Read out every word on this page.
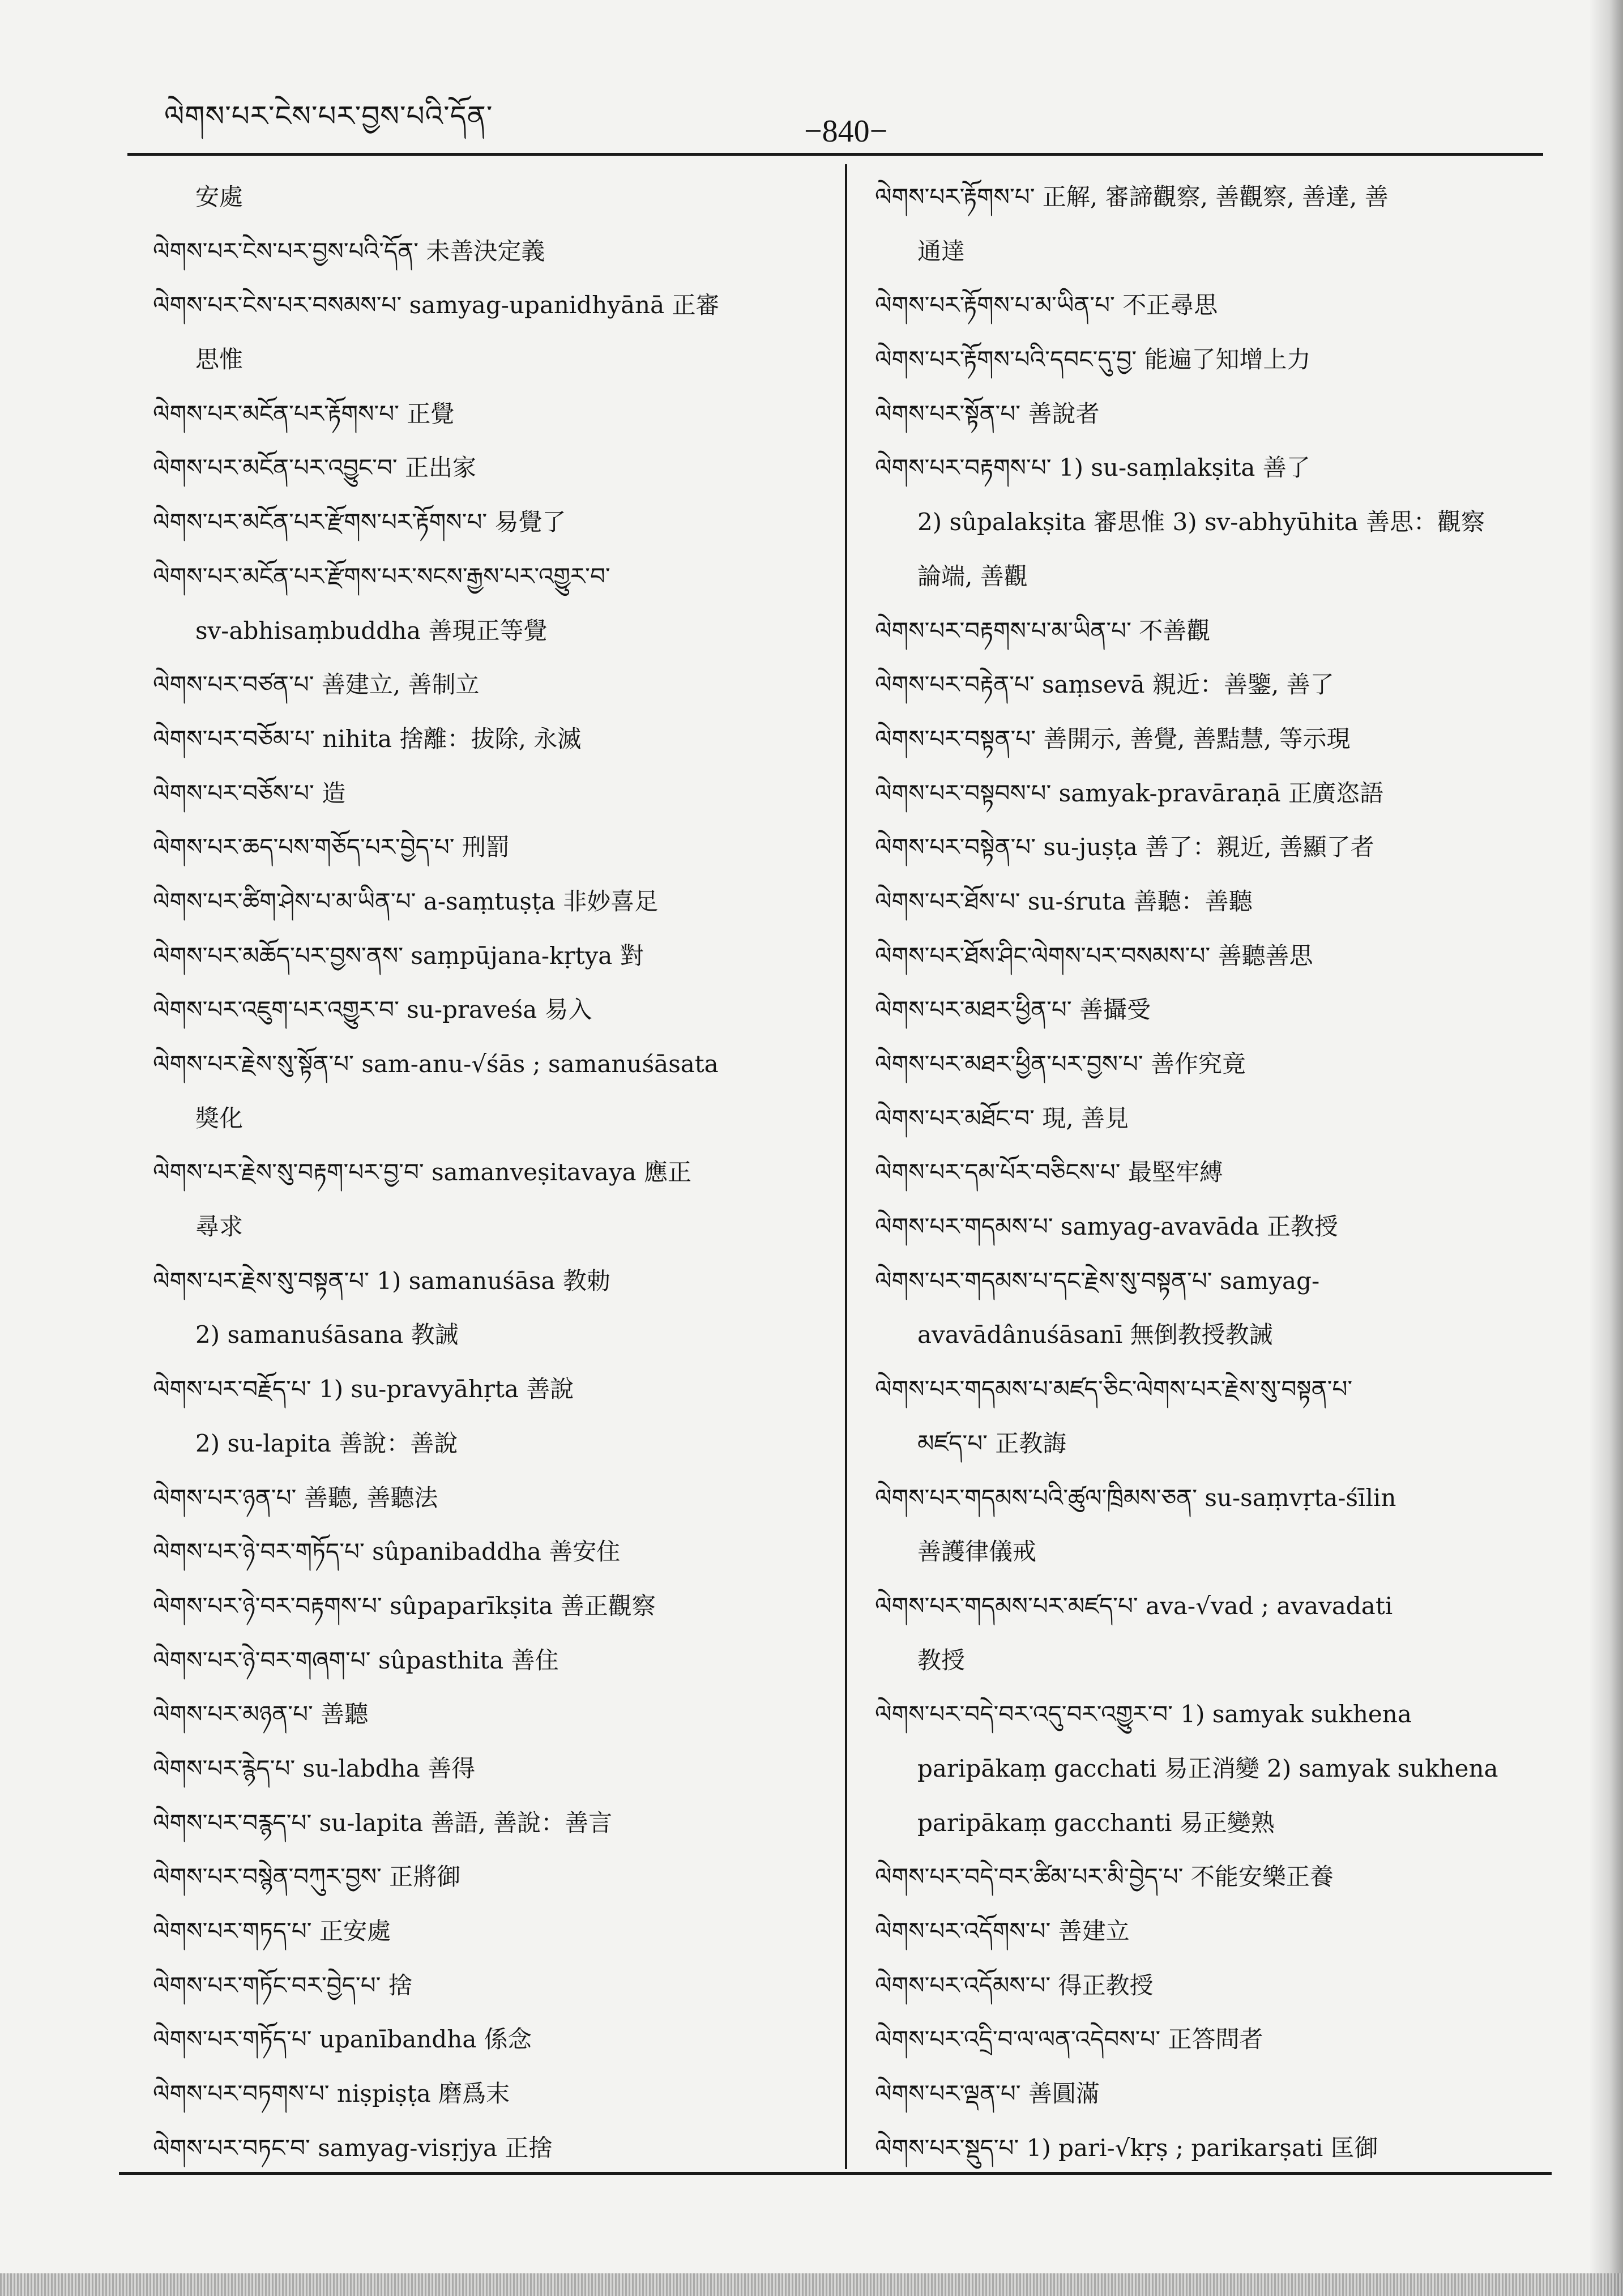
ལེགས་པར་ངེས་པར་བྱས་པའི་དོན་	−840−
安處
ལེགས་པར་ངེས་པར་བྱས་པའི་དོན་ 未善決定義
ལེགས་པར་ངེས་པར་བསམས་པ་ samyag-upanidhyānā 正審
思惟
ལེགས་པར་མངོན་པར་རྟོགས་པ་ 正覺
ལེགས་པར་མངོན་པར་འབྱུང་བ་ 正出家
ལེགས་པར་མངོན་པར་རྫོགས་པར་རྟོགས་པ་ 易覺了
ལེགས་པར་མངོན་པར་རྫོགས་པར་སངས་རྒྱས་པར་འགྱུར་བ་
sv-abhisaṃbuddha 善現正等覺
ལེགས་པར་བཙན་པ་ 善建立, 善制立
ལེགས་པར་བཅོམ་པ་ nihita 捨離：拔除, 永滅
ལེགས་པར་བཅོས་པ་ 造
ལེགས་པར་ཆད་པས་གཅོད་པར་བྱེད་པ་ 刑罰
ལེགས་པར་ཚིག་ཤེས་པ་མ་ཡིན་པ་ a-saṃtuṣṭa 非妙喜足
ལེགས་པར་མཆོད་པར་བྱས་ནས་ saṃpūjana-kṛtya 對
ལེགས་པར་འཇུག་པར་འགྱུར་བ་ su-praveśa 易入
ལེགས་པར་རྗེས་སུ་སྟོན་པ་ sam-anu-√śās ; samanuśāsata
獎化
ལེགས་པར་རྗེས་སུ་བརྟག་པར་བྱ་བ་ samanveṣitavaya 應正
尋求
ལེགས་པར་རྗེས་སུ་བསྟན་པ་ 1) samanuśāsa 教勅
2) samanuśāsana 教誡
ལེགས་པར་བརྗོད་པ་ 1) su-pravyāhṛta 善說
2) su-lapita 善說：善說
ལེགས་པར་ཉན་པ་ 善聽, 善聽法
ལེགས་པར་ཉེ་བར་གཏོད་པ་ sûpanibaddha 善安住
ལེགས་པར་ཉེ་བར་བརྟགས་པ་ sûpaparīkṣita 善正觀察
ལེགས་པར་ཉེ་བར་གཞག་པ་ sûpasthita 善住
ལེགས་པར་མཉན་པ་ 善聽
ལེགས་པར་རྙེད་པ་ su-labdha 善得
ལེགས་པར་བརྙད་པ་ su-lapita 善語, 善說：善言
ལེགས་པར་བསྙེན་བཀུར་བྱས་ 正將御
ལེགས་པར་གཏད་པ་ 正安處
ལེགས་པར་གཏོང་བར་བྱེད་པ་ 捨
ལེགས་པར་གཏོད་པ་ upanībandha 係念
ལེགས་པར་བཏགས་པ་ niṣpiṣṭa 磨爲末
ལེགས་པར་བཏང་བ་ samyag-visṛjya 正捨
ལེགས་པར་རྟོགས་པ་ 正解, 審諦觀察, 善觀察, 善達, 善
通達
ལེགས་པར་རྟོགས་པ་མ་ཡིན་པ་ 不正尋思
ལེགས་པར་རྟོགས་པའི་དབང་དུ་བྱ་ 能遍了知增上力
ལེགས་པར་སྟོན་པ་ 善說者
ལེགས་པར་བརྟགས་པ་ 1) su-saṃlakṣita 善了
2) sûpalakṣita 審思惟 3) sv-abhyūhita 善思：觀察
論端, 善觀
ལེགས་པར་བརྟགས་པ་མ་ཡིན་པ་ 不善觀
ལེགས་པར་བརྟེན་པ་ saṃsevā 親近：善鑒, 善了
ལེགས་པར་བསྟན་པ་ 善開示, 善覺, 善黠慧, 等示現
ལེགས་པར་བསྟབས་པ་ samyak-pravāraṇā 正廣恣語
ལེགས་པར་བསྟེན་པ་ su-juṣṭa 善了：親近, 善顯了者
ལེགས་པར་ཐོས་པ་ su-śruta 善聽：善聽
ལེགས་པར་ཐོས་ཤིང་ལེགས་པར་བསམས་པ་ 善聽善思
ལེགས་པར་མཐར་ཕྱིན་པ་ 善攝受
ལེགས་པར་མཐར་ཕྱིན་པར་བྱས་པ་ 善作究竟
ལེགས་པར་མཐོང་བ་ 現, 善見
ལེགས་པར་དམ་པོར་བཅིངས་པ་ 最堅牢縛
ལེགས་པར་གདམས་པ་ samyag-avavāda 正教授
ལེགས་པར་གདམས་པ་དང་རྗེས་སུ་བསྟན་པ་ samyag-
avavādânuśāsanī 無倒教授教誡
ལེགས་པར་གདམས་པ་མཛད་ཅིང་ལེགས་པར་རྗེས་སུ་བསྟན་པ་
མཛད་པ་ 正教誨
ལེགས་པར་གདམས་པའི་ཚུལ་ཁྲིམས་ཅན་ su-saṃvṛta-śīlin
善護律儀戒
ལེགས་པར་གདམས་པར་མཛད་པ་ ava-√vad ; avavadati
教授
ལེགས་པར་བདེ་བར་འདུ་བར་འགྱུར་བ་ 1) samyak sukhena
paripākaṃ gacchati 易正消變 2) samyak sukhena
paripākaṃ gacchanti 易正變熟
ལེགས་པར་བདེ་བར་ཚིམ་པར་མི་བྱེད་པ་ 不能安樂正養
ལེགས་པར་འདོགས་པ་ 善建立
ལེགས་པར་འདོམས་པ་ 得正教授
ལེགས་པར་འདྲི་བ་ལ་ལན་འདེབས་པ་ 正答問者
ལེགས་པར་ལྡན་པ་ 善圓滿
ལེགས་པར་སྡུད་པ་ 1) pari-√kṛṣ ; parikarṣati 匡御
